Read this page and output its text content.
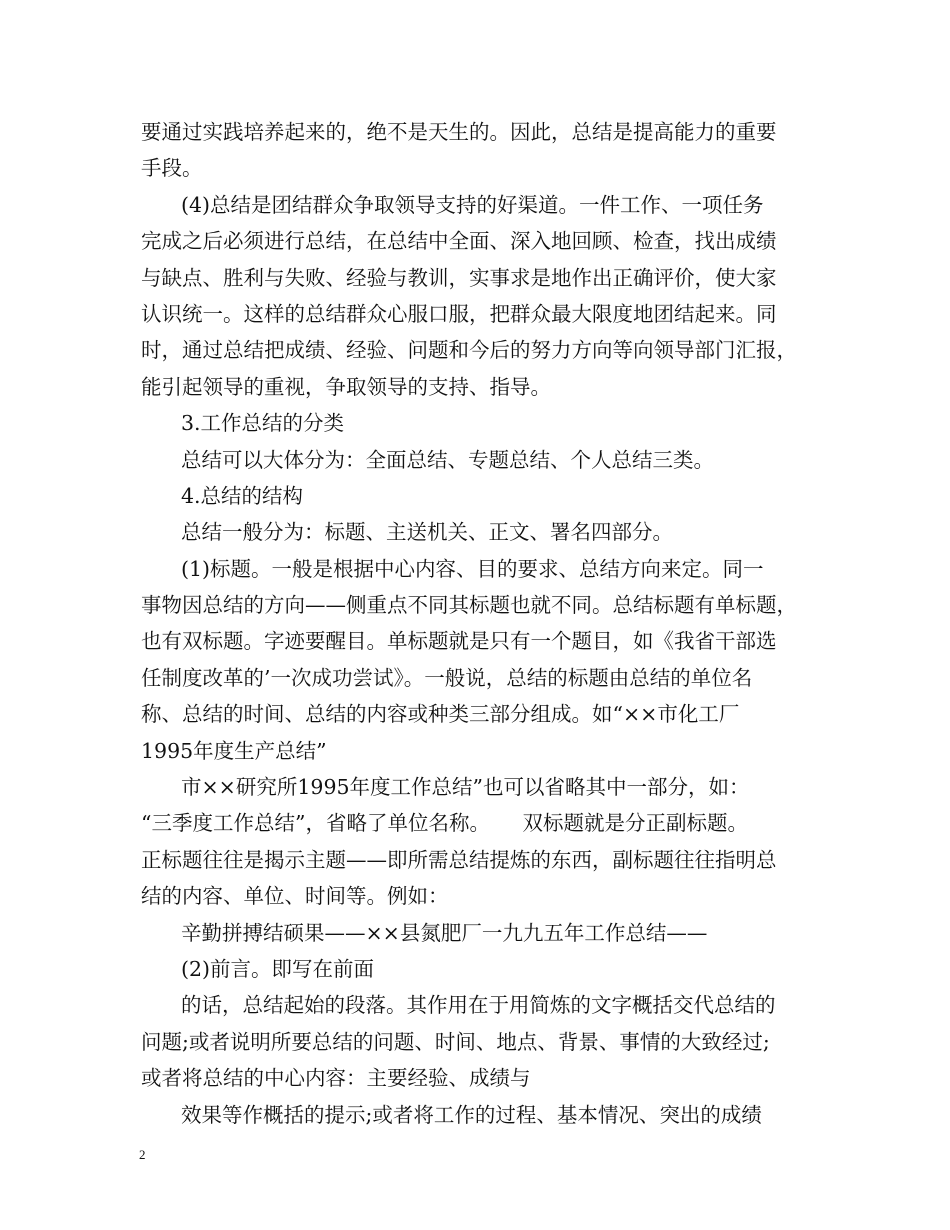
要通过实践培养起来的，绝不是天生的。因此，总结是提高能力的重要
手段。
(4)总结是团结群众争取领导支持的好渠道。一件工作、一项任务
完成之后必须进行总结，在总结中全面、深入地回顾、检查，找出成绩
与缺点、胜利与失败、经验与教训，实事求是地作出正确评价，使大家
认识统一。这样的总结群众心服口服，把群众最大限度地团结起来。同
时，通过总结把成绩、经验、问题和今后的努力方向等向领导部门汇报，
能引起领导的重视，争取领导的支持、指导。
3.工作总结的分类
总结可以大体分为：全面总结、专题总结、个人总结三类。
4.总结的结构
总结一般分为：标题、主送机关、正文、署名四部分。
(1)标题。一般是根据中心内容、目的要求、总结方向来定。同一
事物因总结的方向——侧重点不同其标题也就不同。总结标题有单标题，
也有双标题。字迹要醒目。单标题就是只有一个题目，如《我省干部选
任制度改革的’一次成功尝试》。一般说，总结的标题由总结的单位名
称、总结的时间、总结的内容或种类三部分组成。如“××市化工厂
1995年度生产总结”
市××研究所1995年度工作总结”也可以省略其中一部分，如：
“三季度工作总结”，省略了单位名称。     双标题就是分正副标题。
正标题往往是揭示主题——即所需总结提炼的东西，副标题往往指明总
结的内容、单位、时间等。例如：
辛勤拼搏结硕果——××县氮肥厂一九九五年工作总结——
(2)前言。即写在前面
的话，总结起始的段落。其作用在于用简炼的文字概括交代总结的
问题;或者说明所要总结的问题、时间、地点、背景、事情的大致经过;
或者将总结的中心内容：主要经验、成绩与
效果等作概括的提示;或者将工作的过程、基本情况、突出的成绩
2
